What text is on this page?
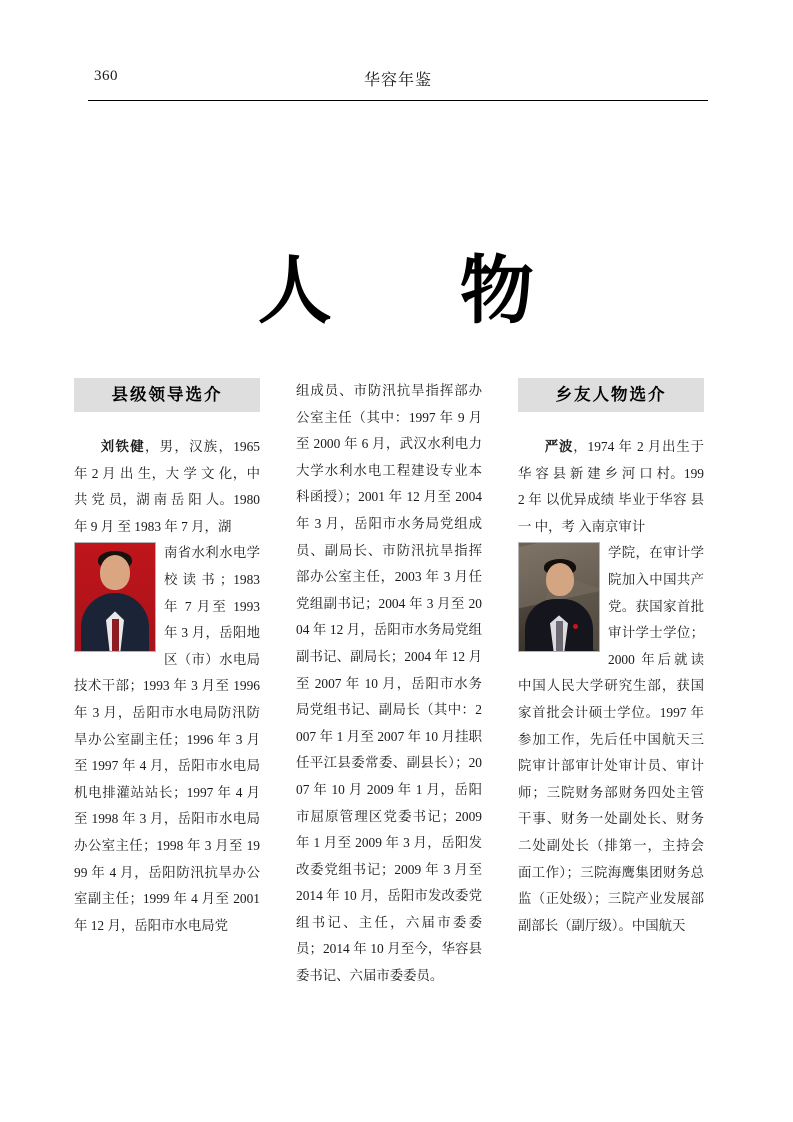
360	华容年鉴
人 物
县级领导选介

刘铁健，男，汉族，1965 年 2 月 出 生，大 学 文 化，中 共 党 员，湖 南 岳 阳 人。1980 年 9 月 至 1983 年 7 月，湖

南省水利水电学校读书；1983 年 7 月至 1993 年 3 月，岳阳地区（市）水电局技术干部；1993 年 3 月至 1996 年 3 月，岳阳市水电局防汛防旱办公室副主任；1996 年 3 月至 1997 年 4 月，岳阳市水电局机电排灌站站长；1997 年 4 月至 1998 年 3 月，岳阳市水电局办公室主任；1998 年 3 月至 1999 年 4 月，岳阳防汛抗旱办公室副主任；1999 年 4 月至 2001 年 12 月，岳阳市水电局党

组成员、市防汛抗旱指挥部办公室主任（其中：1997 年 9 月至 2000 年 6 月，武汉水利电力大学水利水电工程建设专业本科函授）；2001 年 12 月至 2004 年 3 月，岳阳市水务局党组成员、副局长、市防汛抗旱指挥部办公室主任，2003 年 3 月任党组副书记；2004 年 3 月至 2004 年 12 月，岳阳市水务局党组副书记、副局长；2004 年 12 月至 2007 年 10 月，岳阳市水务局党组书记、副局长（其中：2007 年 1 月至 2007 年 10 月挂职任平江县委常委、副县长）；2007 年 10 月 2009 年 1 月，岳阳市屈原管理区党委书记；2009 年 1 月至 2009 年 3 月，岳阳发改委党组书记；2009 年 3 月至 2014 年 10 月，岳阳市发改委党组书记、主任，六届市委委员；2014 年 10 月至今，华容县委书记、六届市委委员。

乡友人物选介

严波，1974 年 2 月出生于 华 容 县 新 建 乡 河 口 村。1992 年 以优异成绩 毕业于华容 县 一 中，考 入南京审计

学院，在审计学院加入中国共产党。获国家首批审计学士学位；2000 年后就读中国人民大学研究生部，获国家首批会计硕士学位。1997 年参加工作，先后任中国航天三院审计部审计处审计员、审计师；三院财务部财务四处主管干事、财务一处副处长、财务二处副处长（排第一，主持会面工作）；三院海鹰集团财务总监（正处级）；三院产业发展部副部长（副厅级）。中国航天
